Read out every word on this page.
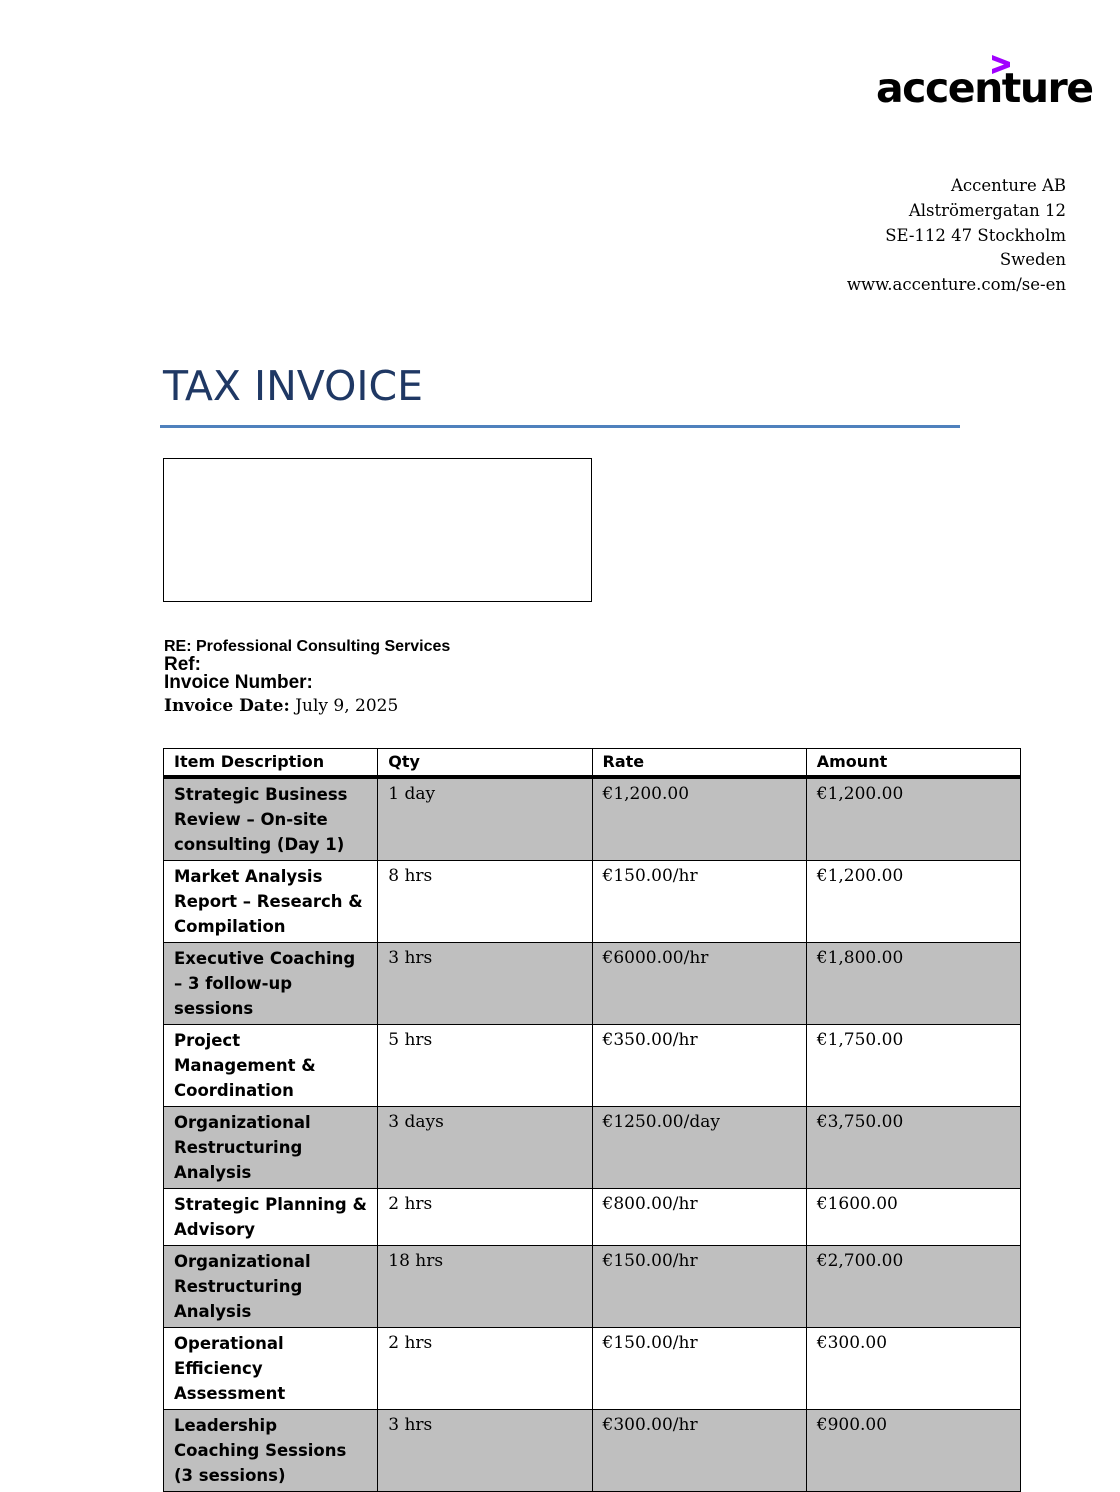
accenture
Accenture AB
Alströmergatan 12
SE-112 47 Stockholm
Sweden
www.accenture.com/se-en
TAX INVOICE
RE: Professional Consulting Services
Ref:
Invoice Number:
Invoice Date: July 9, 2025
Item Description	Qty	Rate	Amount
Strategic Business Review – On-site consulting (Day 1)	1 day	€1,200.00	€1,200.00
Market Analysis Report – Research & Compilation	8 hrs	€150.00/hr	€1,200.00
Executive Coaching – 3 follow-up sessions	3 hrs	€6000.00/hr	€1,800.00
Project Management & Coordination	5 hrs	€350.00/hr	€1,750.00
Organizational Restructuring Analysis	3 days	€1250.00/day	€3,750.00
Strategic Planning & Advisory	2 hrs	€800.00/hr	€1600.00
Organizational Restructuring Analysis	18 hrs	€150.00/hr	€2,700.00
Operational Efficiency Assessment	2 hrs	€150.00/hr	€300.00
Leadership Coaching Sessions (3 sessions)	3 hrs	€300.00/hr	€900.00
